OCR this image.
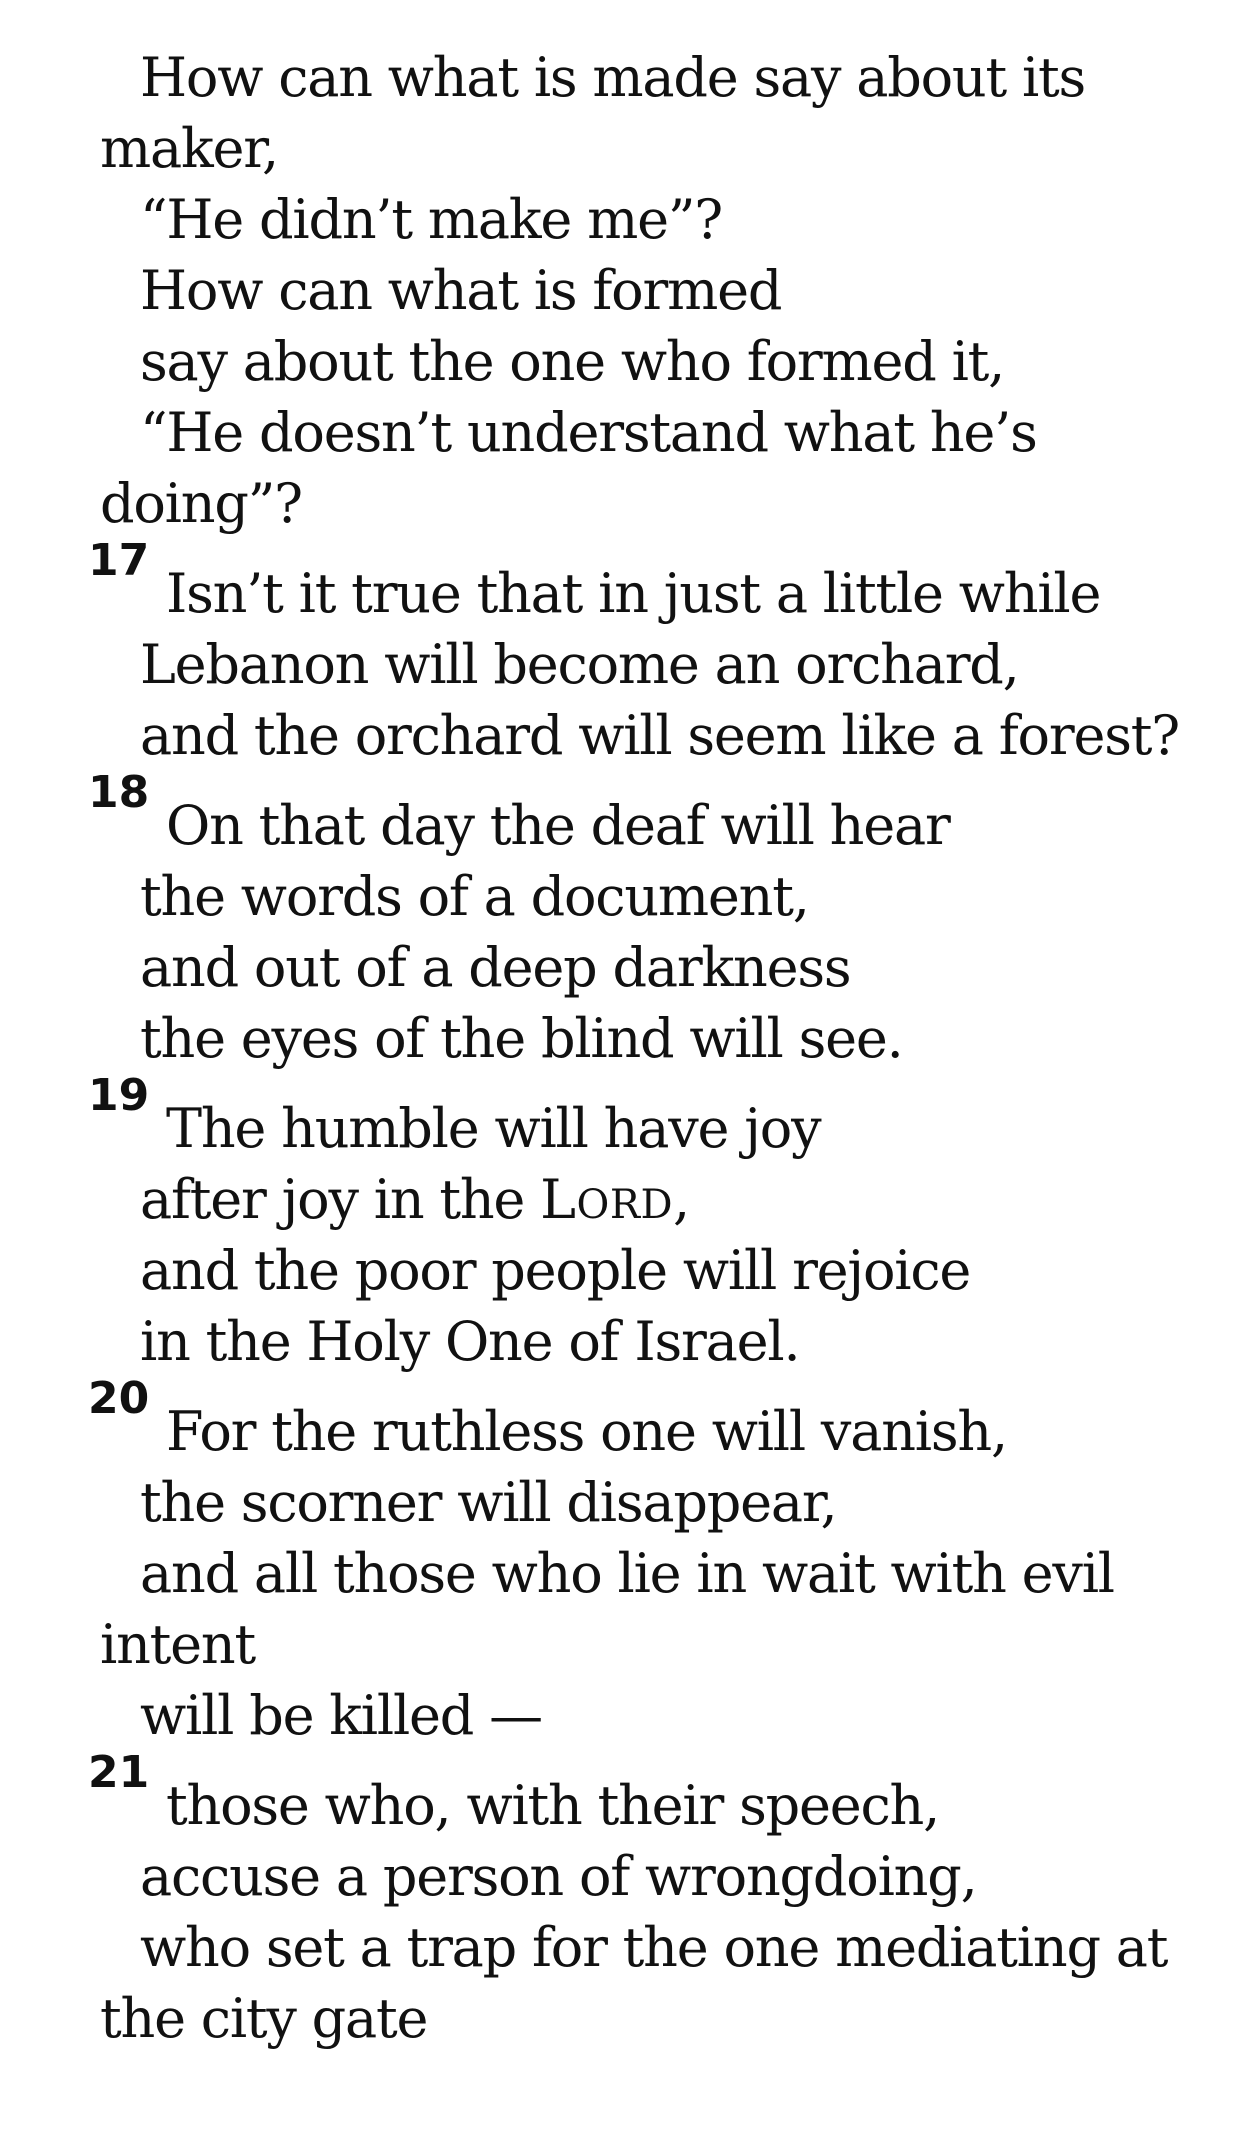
How can what is made say about its
maker,
“He didn’t make me”?
How can what is formed
say about the one who formed it,
“He doesn’t understand what he’s
doing”?
17
Isn’t it true that in just a little while
Lebanon will become an orchard,
and the orchard will seem like a forest?
18
On that day the deaf will hear
the words of a document,
and out of a deep darkness
the eyes of the blind will see.
19
The humble will have joy
after joy in the LORD,
and the poor people will rejoice
in the Holy One of Israel.
20
For the ruthless one will vanish,
the scorner will disappear,
and all those who lie in wait with evil
intent
will be killed —
21
those who, with their speech,
accuse a person of wrongdoing,
who set a trap for the one mediating at
the city gate
